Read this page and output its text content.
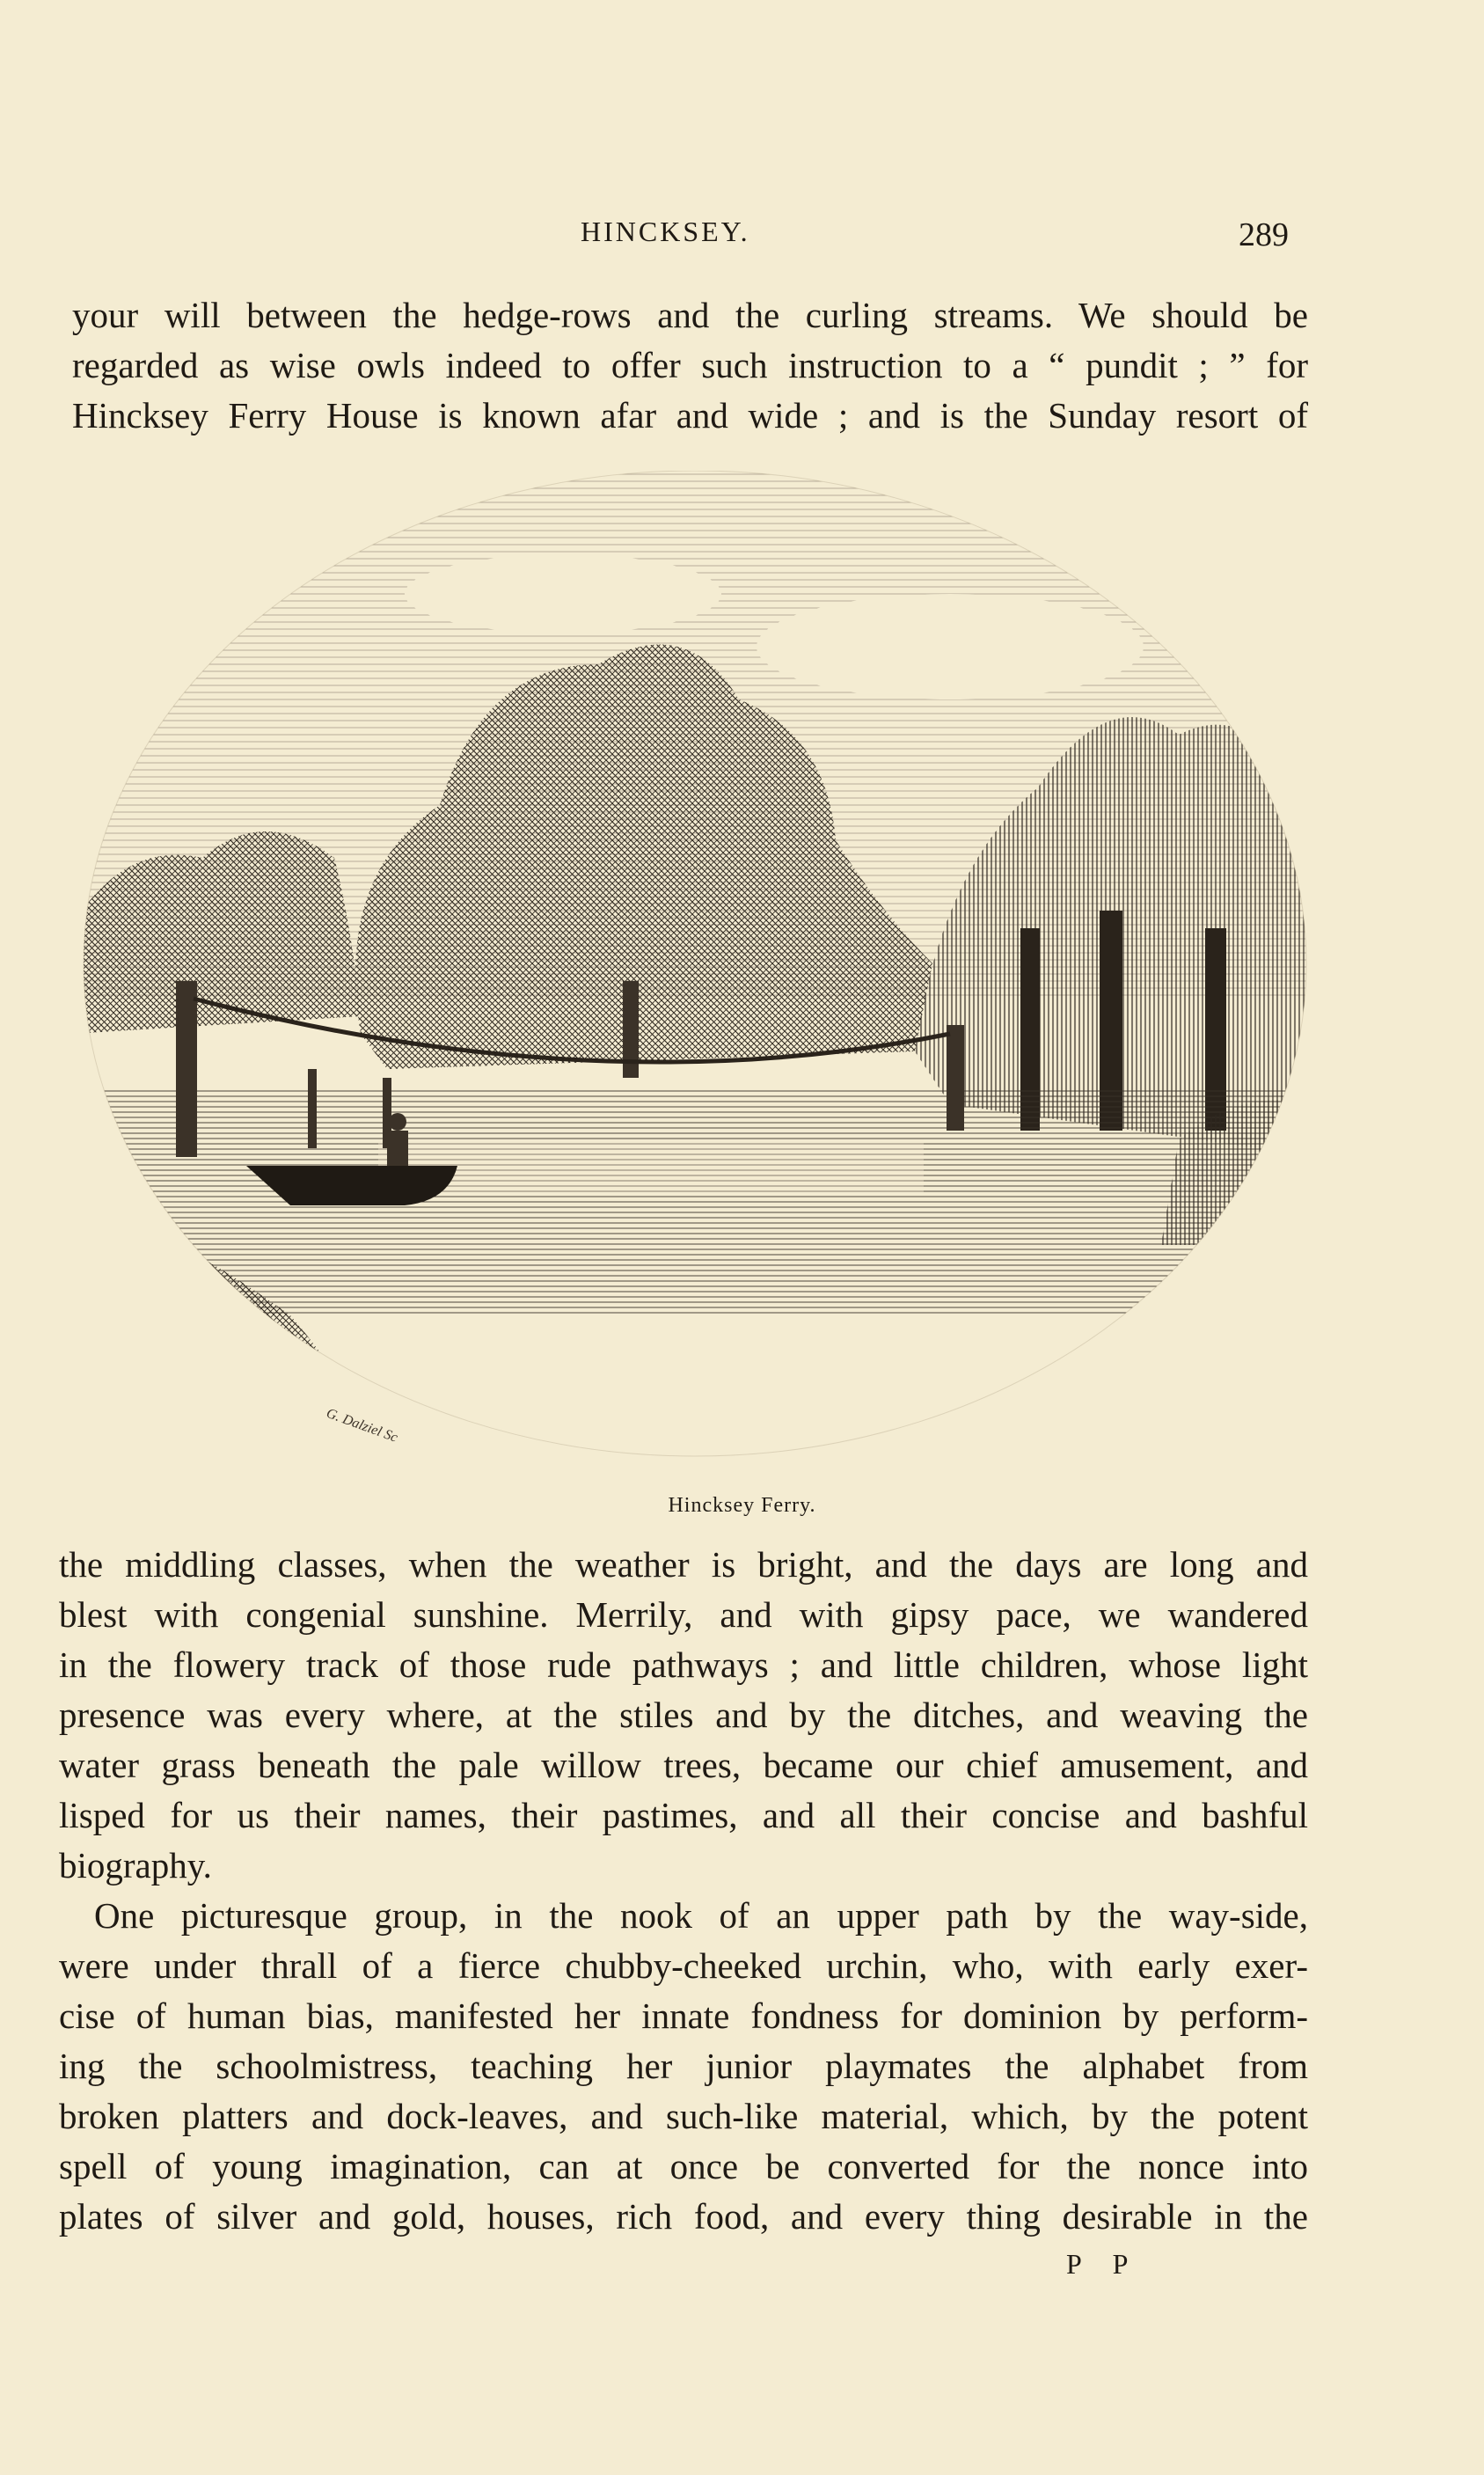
HINCKSEY.	289
your will between the hedge-rows and the curling streams. We should be
regarded as wise owls indeed to offer such instruction to a “ pundit ; ” for
Hincksey Ferry House is known afar and wide ; and is the Sunday resort of
G. Dalziel Sc
Hincksey Ferry.
the middling classes, when the weather is bright, and the days are long and
blest with congenial sunshine. Merrily, and with gipsy pace, we wandered
in the flowery track of those rude pathways ; and little children, whose light
presence was every where, at the stiles and by the ditches, and weaving the
water grass beneath the pale willow trees, became our chief amusement, and
lisped for us their names, their pastimes, and all their concise and bashful
biography.
One picturesque group, in the nook of an upper path by the way-side,
were under thrall of a fierce chubby-cheeked urchin, who, with early exer-
cise of human bias, manifested her innate fondness for dominion by perform-
ing the schoolmistress, teaching her junior playmates the alphabet from
broken platters and dock-leaves, and such-like material, which, by the potent
spell of young imagination, can at once be converted for the nonce into
plates of silver and gold, houses, rich food, and every thing desirable in the
P P
